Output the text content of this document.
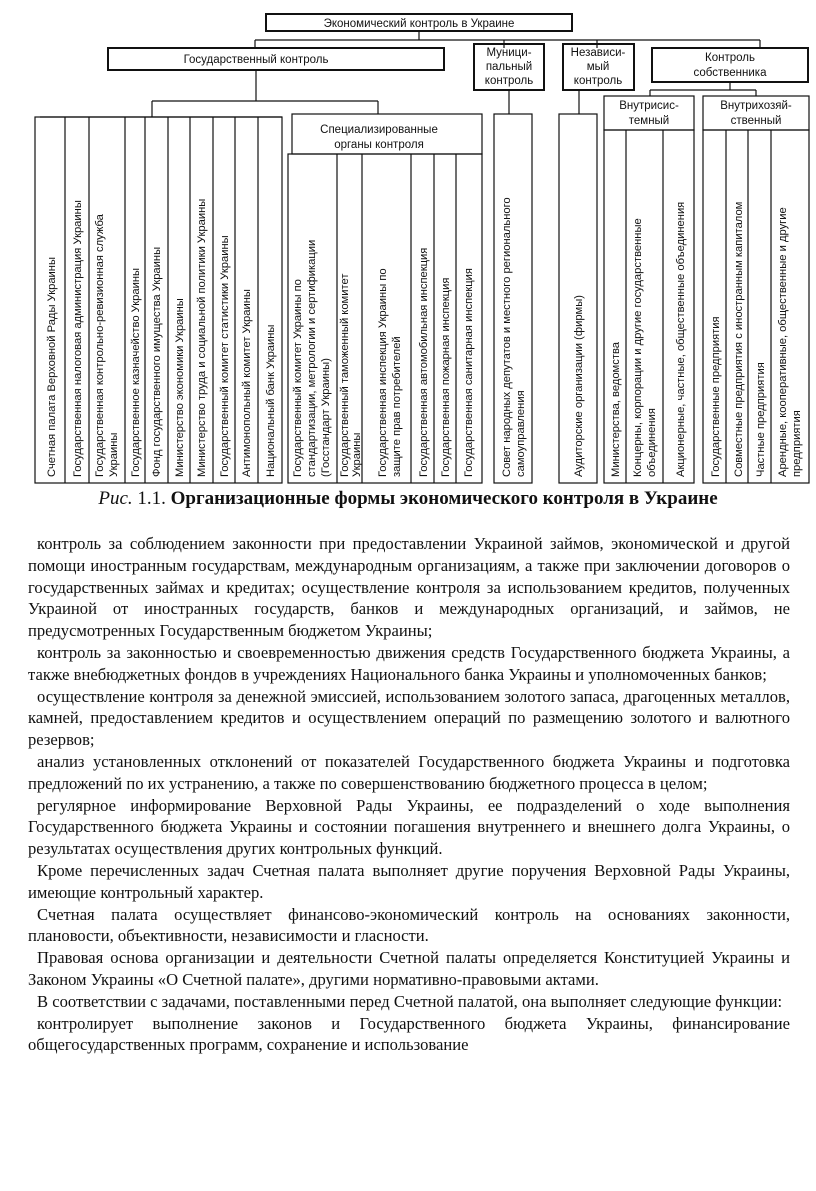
Экономический контроль в Украине
Государственный контроль
Муници-
пальный
контроль
Независи-
мый
контроль
Контроль
собственника
Счетная палата Верховной Рады Украины Государственная налоговая администрация Украины Государственная контрольно-ревизионная служба Украины Государственное казначейство Украины Фонд государственного имущества Украины Министерство экономики Украины Министерство труда и социальной политики Украины Государственный комитет статистики Украины Антимонопольный комитет Украины Национальный банк Украины
Специализированные
органы контроля
Государственный комитет Украины по стандартизации, метрологии и сертификации (Госстандарт Украины) Государственный таможенный комитет Украины Государственная инспекция Украины по защите прав потребителей Государственная автомобильная инспекция Государственная пожарная инспекция Государственная санитарная инспекция Совет народных депутатов и местного регионального самоуправления	Аудиторские организации (фирмы)
Внутрисис-
темный
Министерства, ведомства Концерны, корпорации и другие государственные объединения Акционерные, частные, общественные объединения
Внутрихозяй-
ственный
Государственные предприятия Совместные предприятия с иностранным капиталом Частные предприятия Арендные, кооперативные, общественные и другие предприятия
Рис. 1.1. Организационные формы экономического контроля в Украине

контроль за соблюдением законности при предоставлении Украиной займов, экономической и другой помощи иностранным государствам, международным организациям, а также при заключении договоров о государственных займах и кредитах; осуществление контроля за использованием кредитов, полученных Украиной от иностранных государств, банков и международных организаций, и займов, не предусмотренных Государственным бюджетом Украины;

контроль за законностью и своевременностью движения средств Государственного бюджета Украины, а также внебюджетных фондов в учреждениях Национального банка Украины и уполномоченных банков;

осуществление контроля за денежной эмиссией, использованием золотого запаса, драгоценных металлов, камней, предоставлением кредитов и осуществлением операций по размещению золотого и валютного резервов;

анализ установленных отклонений от показателей Государственного бюджета Украины и подготовка предложений по их устранению, а также по совершенствованию бюджетного процесса в целом;

регулярное информирование Верховной Рады Украины, ее подразделений о ходе выполнения Государственного бюджета Украины и состоянии погашения внутреннего и внешнего долга Украины, о результатах осуществления других контрольных функций.

Кроме перечисленных задач Счетная палата выполняет другие поручения Верховной Рады Украины, имеющие контрольный характер.

Счетная палата осуществляет финансово-экономический контроль на основаниях законности, плановости, объективности, независимости и гласности.

Правовая основа организации и деятельности Счетной палаты определяется Конституцией Украины и Законом Украины «О Счетной палате», другими нормативно-правовыми актами.

В соответствии с задачами, поставленными перед Счетной палатой, она выполняет следующие функции:

контролирует выполнение законов и Государственного бюджета Украины, финансирование общегосударственных программ, сохранение и использование
